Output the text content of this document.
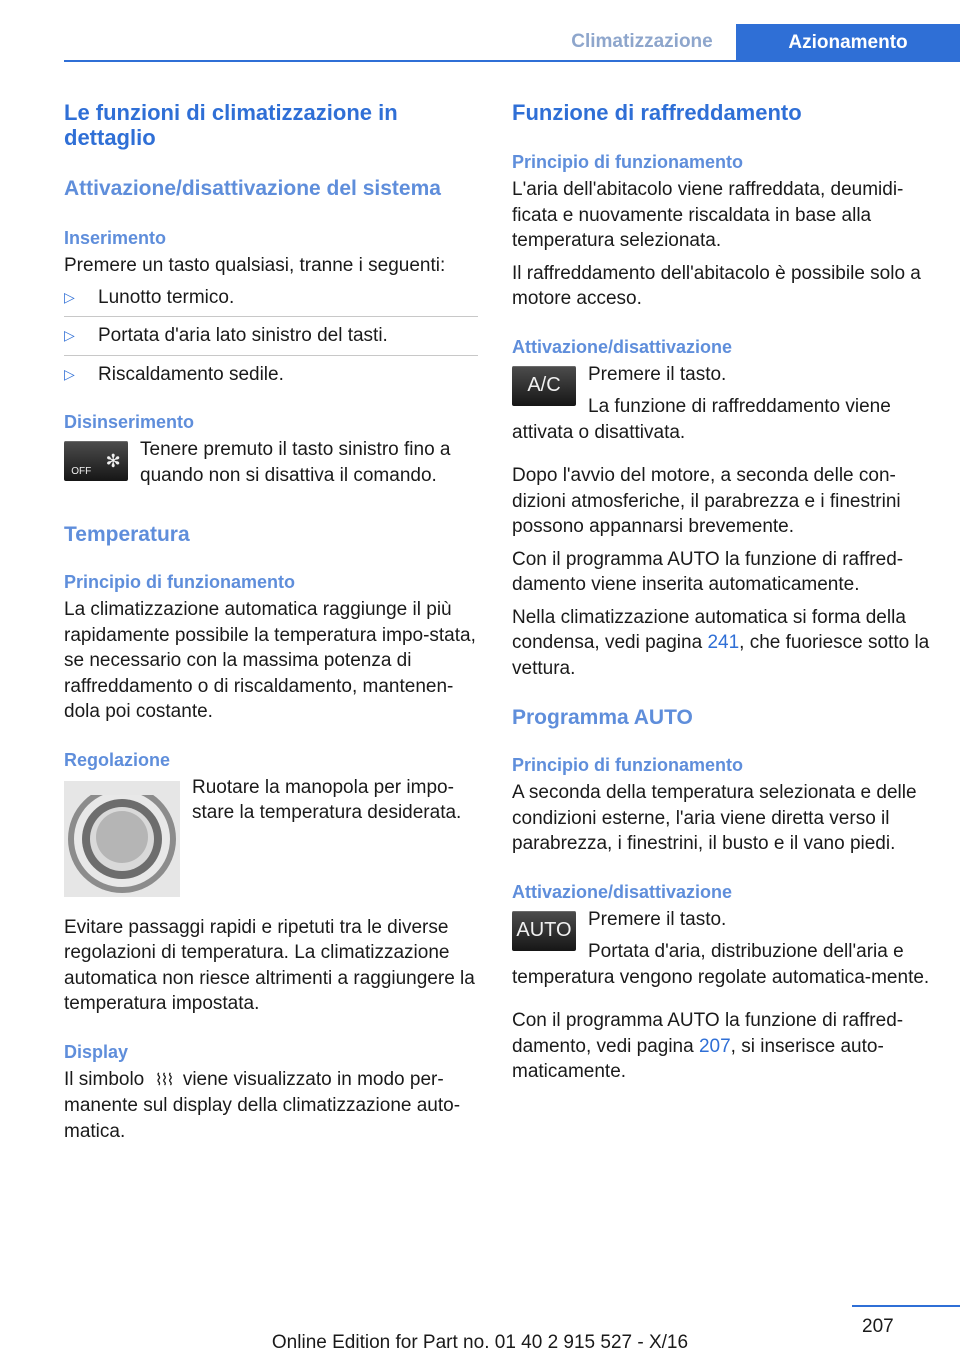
Climatizzazione	Azionamento
Le funzioni di climatizzazione in dettaglio
Attivazione/disattivazione del sistema
Inserimento

Premere un tasto qualsiasi, tranne i seguenti:

▷	Lunotto termico.
▷	Portata d'aria lato sinistro del tasti.
▷	Riscaldamento sedile.
Disinserimento
OFF
✻

Tenere premuto il tasto sinistro fino a quando non si disattiva il comando.

Temperatura
Principio di funzionamento

La climatizzazione automatica raggiunge il più rapidamente possibile la temperatura impo-stata, se necessario con la massima potenza di raffreddamento o di riscaldamento, mantenen-dola poi costante.

Regolazione

Ruotare la manopola per impo-stare la temperatura desiderata.

Evitare passaggi rapidi e ripetuti tra le diverse regolazioni di temperatura. La climatizzazione automatica non riesce altrimenti a raggiungere la temperatura impostata.

Display

Il simbolo ⌇⌇⌇ viene visualizzato in modo per-manente sul display della climatizzazione auto-matica.

Funzione di raffreddamento
Principio di funzionamento

L'aria dell'abitacolo viene raffreddata, deumidi-ficata e nuovamente riscaldata in base alla temperatura selezionata.

Il raffreddamento dell'abitacolo è possibile solo a motore acceso.

Attivazione/disattivazione
A/C	Premere il tasto.

La funzione di raffreddamento viene attivata o disattivata.

Dopo l'avvio del motore, a seconda delle con-dizioni atmosferiche, il parabrezza e i finestrini possono appannarsi brevemente.

Con il programma AUTO la funzione di raffred-damento viene inserita automaticamente.

Nella climatizzazione automatica si forma della condensa, vedi pagina 241, che fuoriesce sotto la vettura.

Programma AUTO
Principio di funzionamento

A seconda della temperatura selezionata e delle condizioni esterne, l'aria viene diretta verso il parabrezza, i finestrini, il busto e il vano piedi.

Attivazione/disattivazione
AUTO Premere il tasto.

Portata d'aria, distribuzione dell'aria e temperatura vengono regolate automatica-mente.

Con il programma AUTO la funzione di raffred-damento, vedi pagina 207, si inserisce auto-maticamente.

207
Online Edition for Part no. 01 40 2 915 527 - X/16
